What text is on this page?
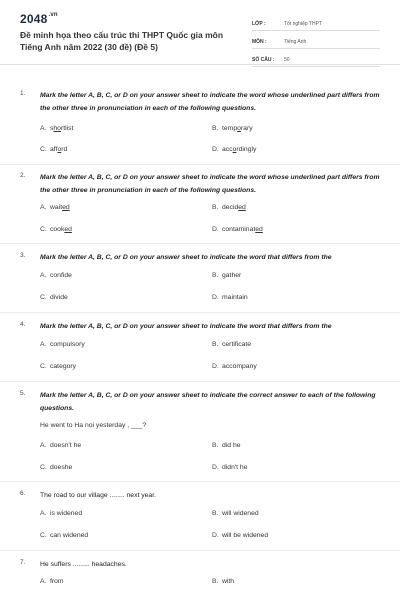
$2048^{.vn}$
Đề minh họa theo cấu trúc thi THPT Quốc gia môn Tiếng Anh năm 2022 (30 đề) (Đề 5)
LỚP :	Tốt nghiệp THPT
MÔN :	Tiếng Anh
SỐ CÂU :	50
1. Mark the letter A, B, C, or D on your answer sheet to indicate the word whose underlined part differs from the other three in pronunciation in each of the following questions.
A. shortlist	B. temporary
C. afford	D. accordingly
2. Mark the letter A, B, C, or D on your answer sheet to indicate the word whose underlined part differs from the other three in pronunciation in each of the following questions.
A. waited	B. decided
C. cooked	D. contaminated
3. Mark the letter A, B, C, or D on your answer sheet to indicate the word that differs from the
A. confide	B. gather
C. divide	D. maintain
4. Mark the letter A, B, C, or D on your answer sheet to indicate the word that differs from the
A. compulsory	B. certificate
C. category	D. accompany
5. Mark the letter A, B, C, or D on your answer sheet to indicate the correct answer to each of the following questions.
He went to Ha noi yesterday , ___?
A. doesn't he	B. did he
C. doeshe	D. didn't he
6. The road to our village ........ next year.
A. is widened	B. will widened
C. can widened	D. will be widened
7. He suffers ......... headaches.
A. from	B. with
